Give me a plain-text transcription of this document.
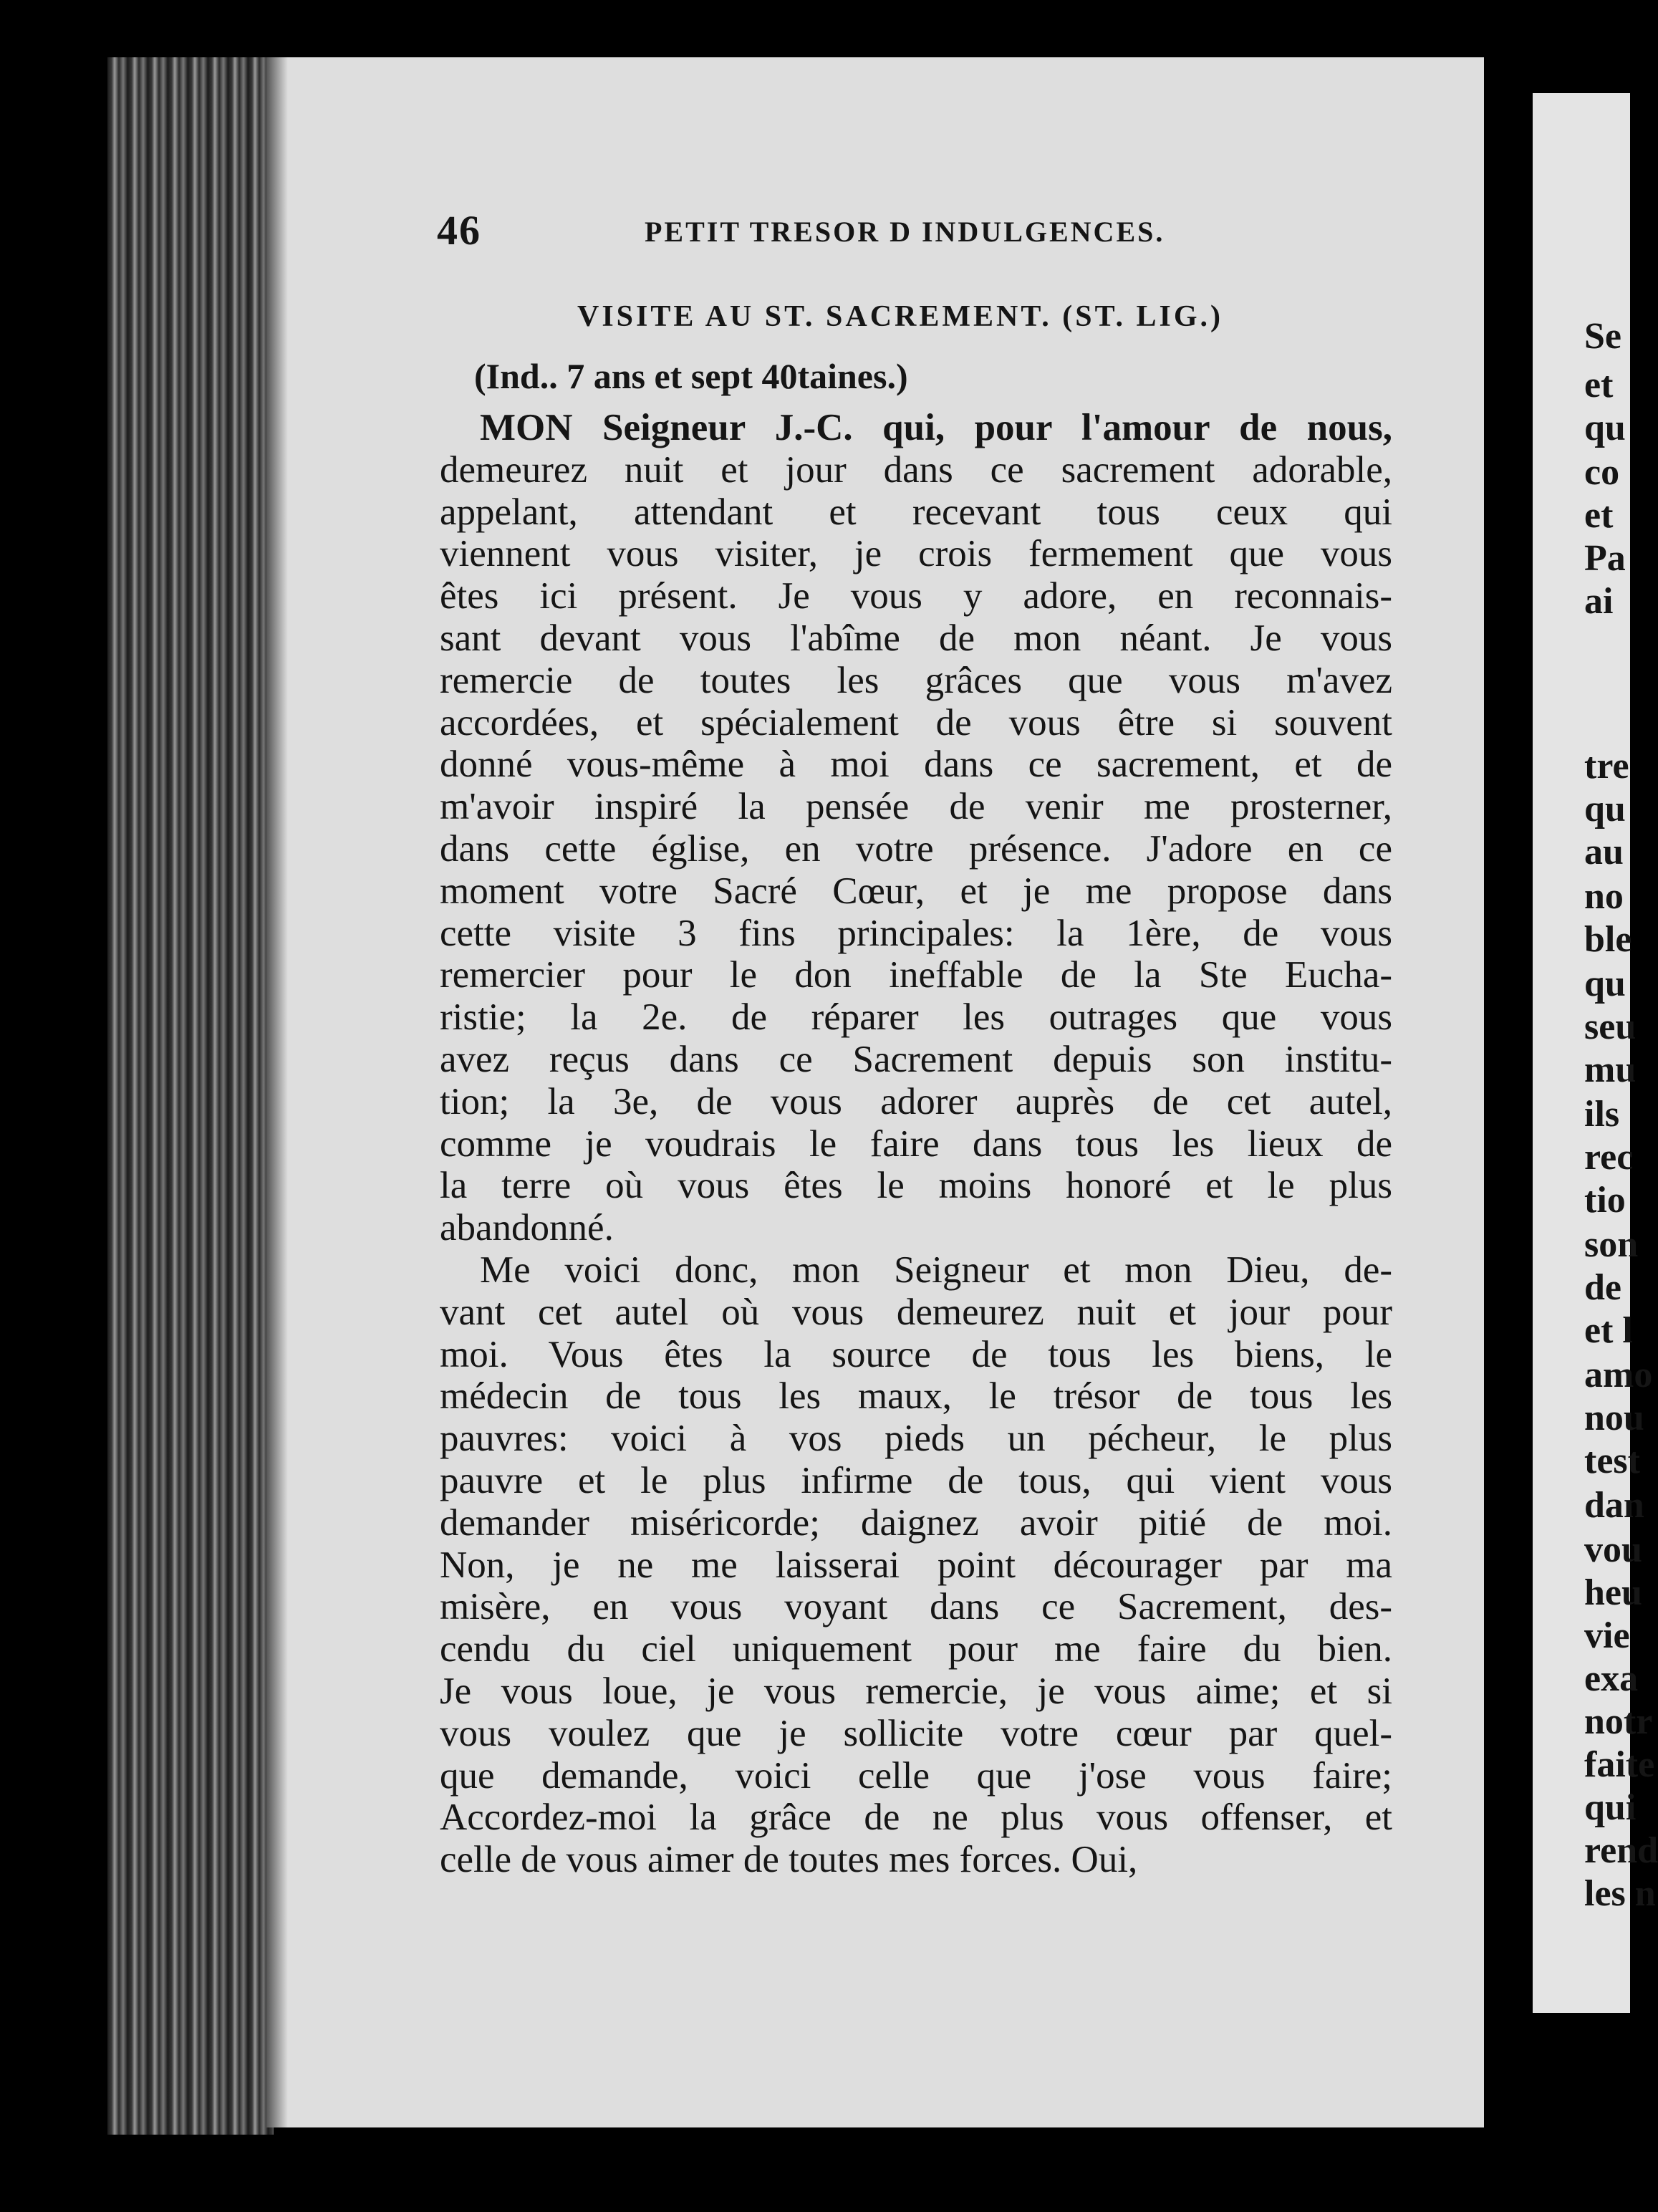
46	PETIT TRESOR D INDULGENCES.
VISITE AU ST. SACREMENT. (ST. LIG.)
(Ind.. 7 ans et sept 40taines.)
MON Seigneur J.-C. qui, pour l'amour de nous,
demeurez nuit et jour dans ce sacrement adorable,
appelant, attendant et recevant tous ceux qui
viennent vous visiter, je crois fermement que vous
êtes ici présent. Je vous y adore, en reconnais-
sant devant vous l'abîme de mon néant. Je vous
remercie de toutes les grâces que vous m'avez
accordées, et spécialement de vous être si souvent
donné vous-même à moi dans ce sacrement, et de
m'avoir inspiré la pensée de venir me prosterner,
dans cette église, en votre présence. J'adore en ce
moment votre Sacré Cœur, et je me propose dans
cette visite 3 fins principales: la 1ère, de vous
remercier pour le don ineffable de la Ste Eucha-
ristie; la 2e. de réparer les outrages que vous
avez reçus dans ce Sacrement depuis son institu-
tion; la 3e, de vous adorer auprès de cet autel,
comme je voudrais le faire dans tous les lieux de
la terre où vous êtes le moins honoré et le plus
abandonné.
Me voici donc, mon Seigneur et mon Dieu, de-
vant cet autel où vous demeurez nuit et jour pour
moi. Vous êtes la source de tous les biens, le
médecin de tous les maux, le trésor de tous les
pauvres: voici à vos pieds un pécheur, le plus
pauvre et le plus infirme de tous, qui vient vous
demander miséricorde; daignez avoir pitié de moi.
Non, je ne me laisserai point décourager par ma
misère, en vous voyant dans ce Sacrement, des-
cendu du ciel uniquement pour me faire du bien.
Je vous loue, je vous remercie, je vous aime; et si
vous voulez que je sollicite votre cœur par quel-
que demande, voici celle que j'ose vous faire;
Accordez-moi la grâce de ne plus vous offenser, et
celle de vous aimer de toutes mes forces. Oui,
Se
et
qu
co
et
Pa
ai
tre
qu
au
no
ble
qu
seu
mu
ils
rec
tio
son
de
et l
amo
nou
test
dan
vou
heu
vie
exa
notr
faite
qui
rend
les n
